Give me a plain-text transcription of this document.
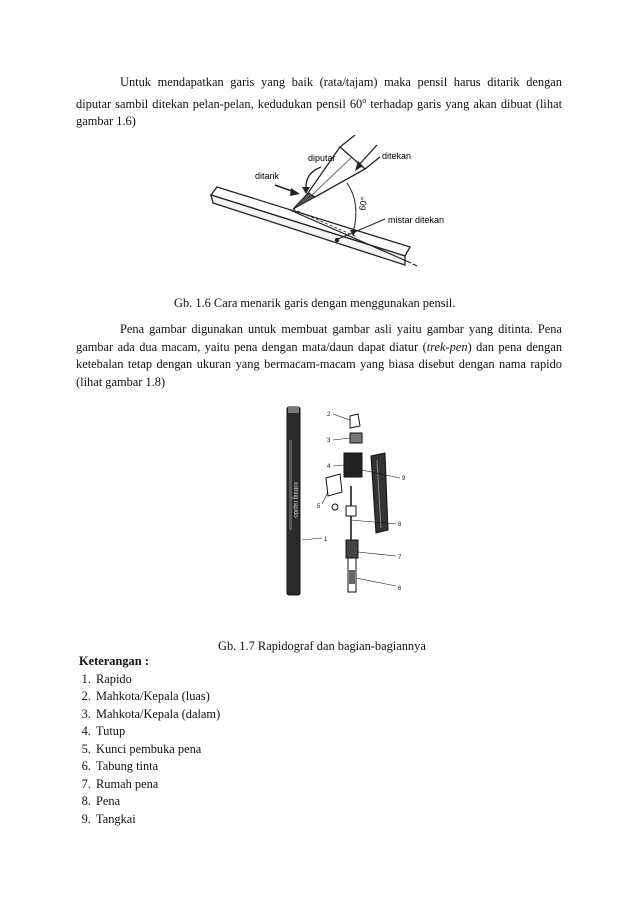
Untuk mendapatkan garis yang baik (rata/tajam) maka pensil harus ditarik dengan diputar sambil ditekan pelan-pelan, kedudukan pensil 60$^o$ terhadap garis yang akan dibuat (lihat gambar 1.6)

diputar	ditekan
ditarik
60°
mistar ditekan

Gb. 1.6 Cara menarik garis dengan menggunakan pensil.

Pena gambar digunakan untuk membuat gambar asli yaitu gambar yang ditinta. Pena gambar ada dua macam, yaitu pena dengan mata/daun dapat diatur (trek-pen) dan pena dengan ketebalan tetap dengan ukuran yang bermacam-macam yang biasa disebut dengan nama rapido (lihat gambar 1.8)

rotring rapido
1
2
3
4
5
6
7
8
9

Gb. 1.7 Rapidograf dan bagian-bagiannya

Keterangan :
1. Rapido
2. Mahkota/Kepala (luas)
3. Mahkota/Kepala (dalam)
4. Tutup
5. Kunci pembuka pena
6. Tabung tinta
7. Rumah pena
8. Pena
9. Tangkai
